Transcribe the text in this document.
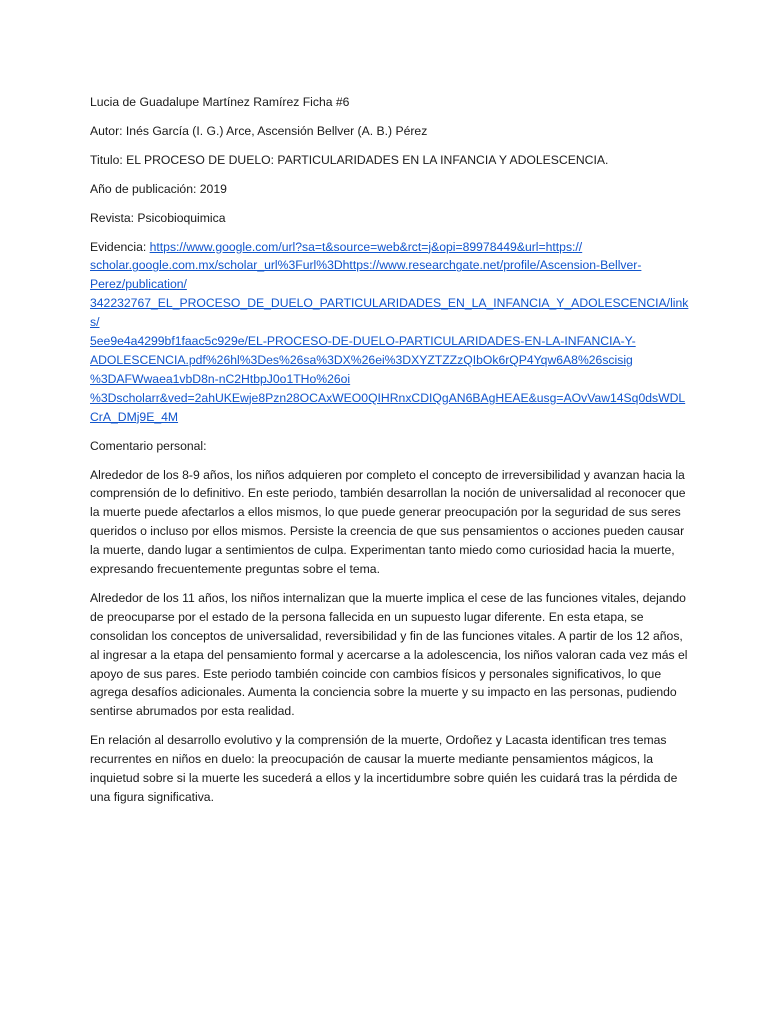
Lucia de Guadalupe Martínez Ramírez Ficha #6

Autor: Inés García (I. G.) Arce, Ascensión Bellver (A. B.) Pérez

Titulo: EL PROCESO DE DUELO: PARTICULARIDADES EN LA INFANCIA Y ADOLESCENCIA.

Año de publicación: 2019

Revista: Psicobioquimica

Evidencia: https://www.google.com/url?sa=t&source=web&rct=j&opi=89978449&url=https://
scholar.google.com.mx/scholar_url%3Furl%3Dhttps://www.researchgate.net/profile/Ascension-Bellver-
Perez/publication/
342232767_EL_PROCESO_DE_DUELO_PARTICULARIDADES_EN_LA_INFANCIA_Y_ADOLESCENCIA/links/
5ee9e4a4299bf1faac5c929e/EL-PROCESO-DE-DUELO-PARTICULARIDADES-EN-LA-INFANCIA-Y-
ADOLESCENCIA.pdf%26hl%3Des%26sa%3DX%26ei%3DXYZTZZzQIbOk6rQP4Yqw6A8%26scisig
%3DAFWwaea1vbD8n-nC2HtbpJ0o1THo%26oi
%3Dscholarr&ved=2ahUKEwje8Pzn28OCAxWEO0QIHRnxCDIQgAN6BAgHEAE&usg=AOvVaw14Sq0dsWDL
CrA_DMj9E_4M

Comentario personal:

Alrededor de los 8-9 años, los niños adquieren por completo el concepto de irreversibilidad y avanzan hacia la comprensión de lo definitivo. En este periodo, también desarrollan la noción de universalidad al reconocer que la muerte puede afectarlos a ellos mismos, lo que puede generar preocupación por la seguridad de sus seres queridos o incluso por ellos mismos. Persiste la creencia de que sus pensamientos o acciones pueden causar la muerte, dando lugar a sentimientos de culpa. Experimentan tanto miedo como curiosidad hacia la muerte, expresando frecuentemente preguntas sobre el tema.

Alrededor de los 11 años, los niños internalizan que la muerte implica el cese de las funciones vitales, dejando de preocuparse por el estado de la persona fallecida en un supuesto lugar diferente. En esta etapa, se consolidan los conceptos de universalidad, reversibilidad y fin de las funciones vitales. A partir de los 12 años, al ingresar a la etapa del pensamiento formal y acercarse a la adolescencia, los niños valoran cada vez más el apoyo de sus pares. Este periodo también coincide con cambios físicos y personales significativos, lo que agrega desafíos adicionales. Aumenta la conciencia sobre la muerte y su impacto en las personas, pudiendo sentirse abrumados por esta realidad.

En relación al desarrollo evolutivo y la comprensión de la muerte, Ordoñez y Lacasta identifican tres temas recurrentes en niños en duelo: la preocupación de causar la muerte mediante pensamientos mágicos, la inquietud sobre si la muerte les sucederá a ellos y la incertidumbre sobre quién les cuidará tras la pérdida de una figura significativa.
